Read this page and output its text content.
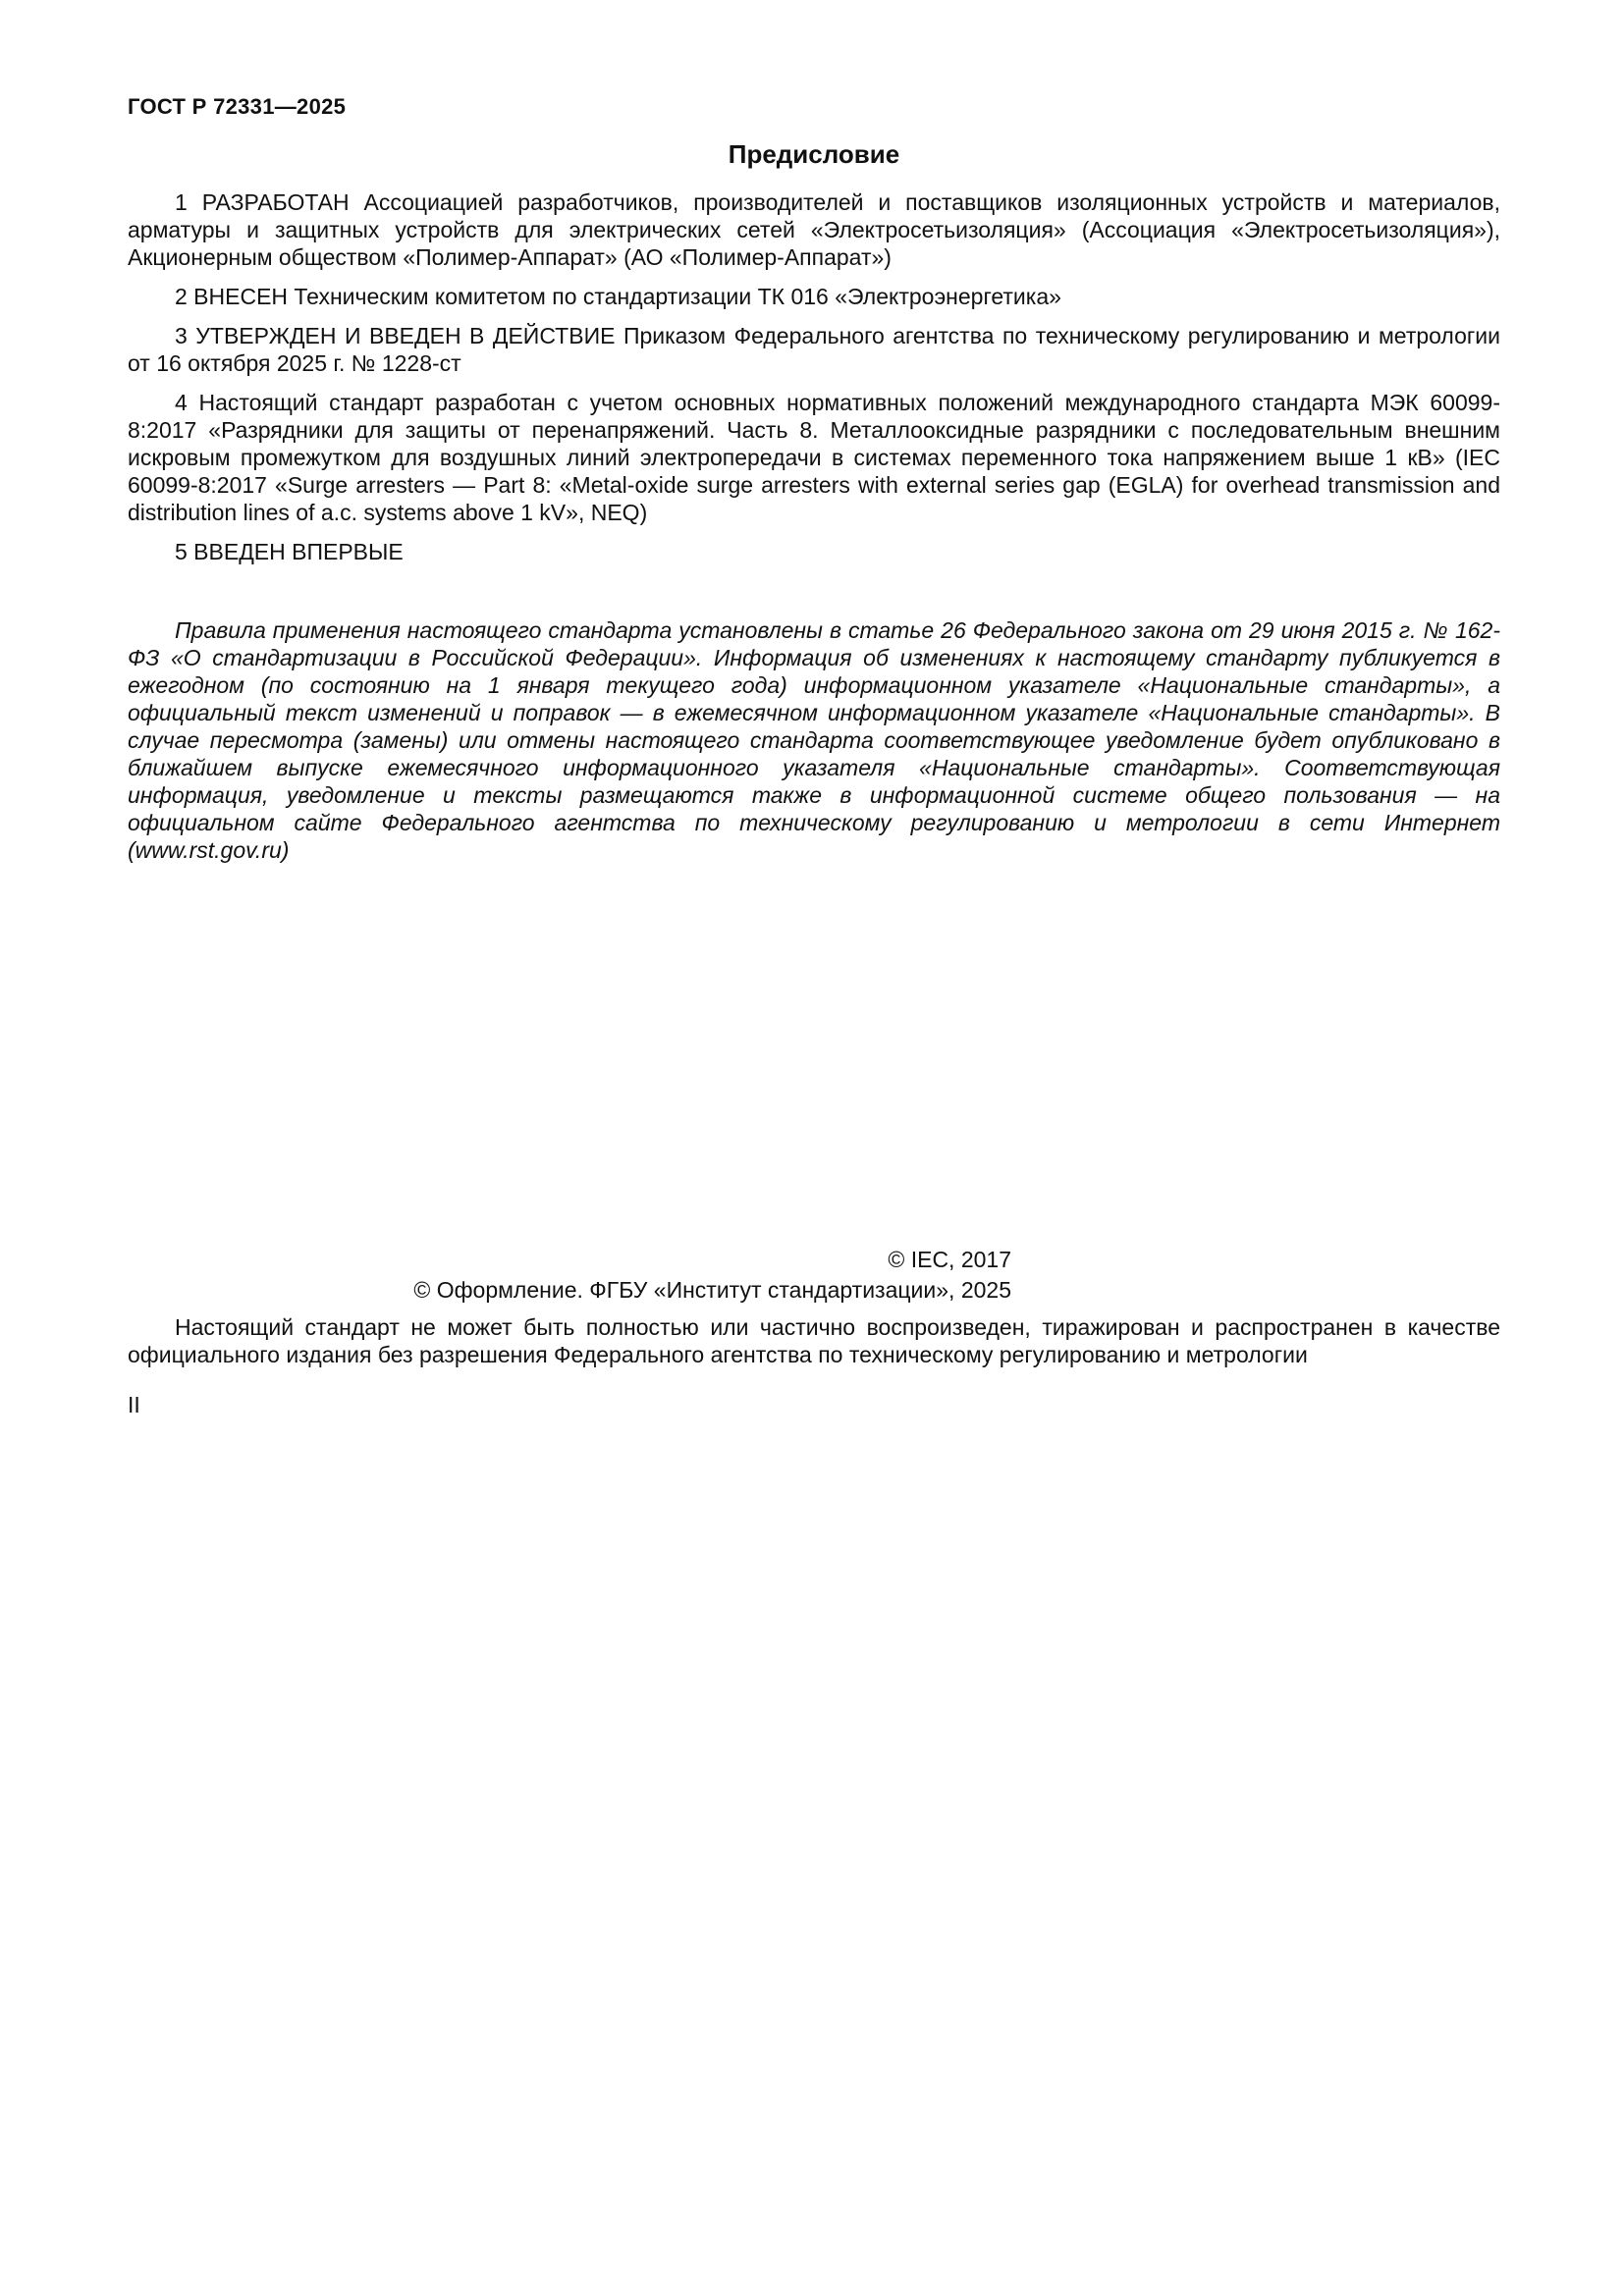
ГОСТ Р 72331—2025
Предисловие

1 РАЗРАБОТАН Ассоциацией разработчиков, производителей и поставщиков изоляционных устройств и материалов, арматуры и защитных устройств для электрических сетей «Электросетьизоляция» (Ассоциация «Электросетьизоляция»), Акционерным обществом «Полимер-Аппарат» (АО «Полимер-Аппарат»)

2 ВНЕСЕН Техническим комитетом по стандартизации ТК 016 «Электроэнергетика»

3 УТВЕРЖДЕН И ВВЕДЕН В ДЕЙСТВИЕ Приказом Федерального агентства по техническому регулированию и метрологии от 16 октября 2025 г. № 1228-ст

4 Настоящий стандарт разработан с учетом основных нормативных положений международного стандарта МЭК 60099-8:2017 «Разрядники для защиты от перенапряжений. Часть 8. Металлооксидные разрядники с последовательным внешним искровым промежутком для воздушных линий электропередачи в системах переменного тока напряжением выше 1 кВ» (IEC 60099-8:2017 «Surge arresters — Part 8: «Metal-oxide surge arresters with external series gap (EGLA) for overhead transmission and distribution lines of a.c. systems above 1 kV», NEQ)

5 ВВЕДЕН ВПЕРВЫЕ

Правила применения настоящего стандарта установлены в статье 26 Федерального закона от 29 июня 2015 г. № 162-ФЗ «О стандартизации в Российской Федерации». Информация об изменениях к настоящему стандарту публикуется в ежегодном (по состоянию на 1 января текущего года) информационном указателе «Национальные стандарты», а официальный текст изменений и поправок — в ежемесячном информационном указателе «Национальные стандарты». В случае пересмотра (замены) или отмены настоящего стандарта соответствующее уведомление будет опубликовано в ближайшем выпуске ежемесячного информационного указателя «Национальные стандарты». Соответствующая информация, уведомление и тексты размещаются также в информационной системе общего пользования — на официальном сайте Федерального агентства по техническому регулированию и метрологии в сети Интернет (www.rst.gov.ru)

© IEC, 2017
© Оформление. ФГБУ «Институт стандартизации», 2025

Настоящий стандарт не может быть полностью или частично воспроизведен, тиражирован и распространен в качестве официального издания без разрешения Федерального агентства по техническому регулированию и метрологии

II
